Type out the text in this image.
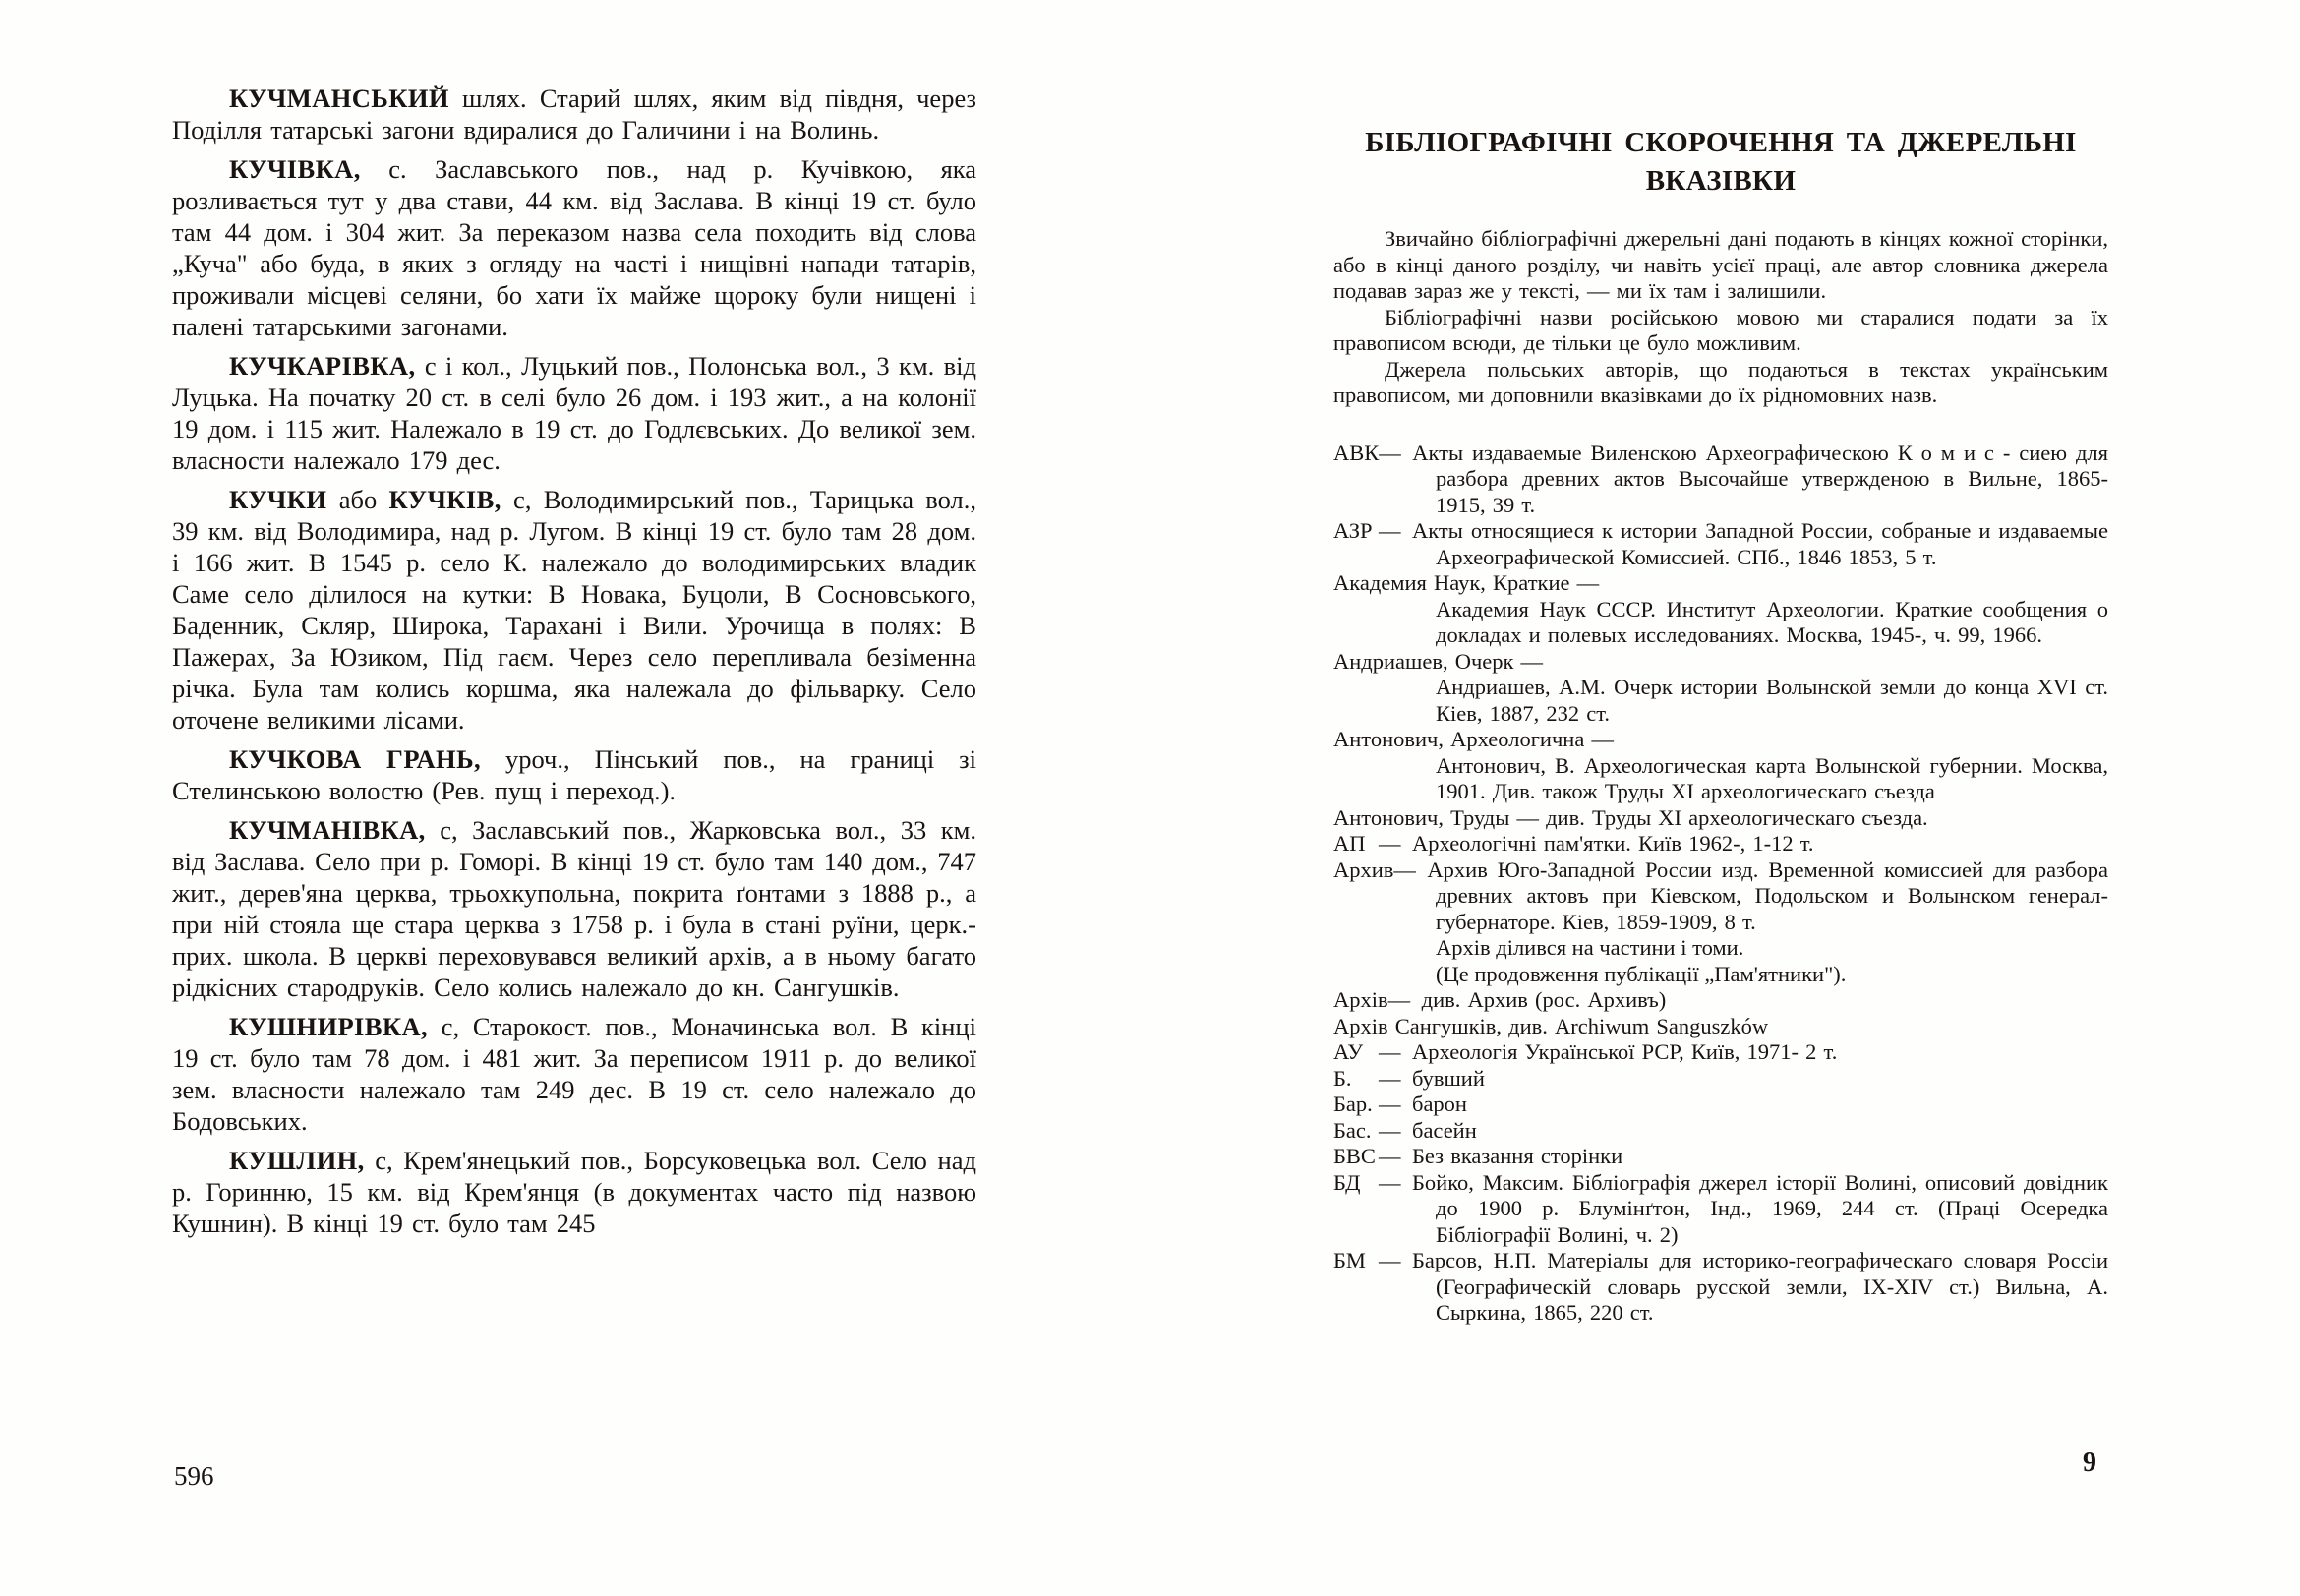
КУЧМАНСЬКИЙ шлях. Старий шлях, яким від півдня, через Поділля татарські загони вдиралися до Галичини і на Волинь.

КУЧІВКА, с. Заславського пов., над р. Кучівкою, яка розливається тут у два стави, 44 км. від Заслава. В кінці 19 ст. було там 44 дом. і 304 жит. За переказом назва села походить від слова „Куча" або буда, в яких з огляду на часті і нищівні напади татарів, проживали місцеві селяни, бо хати їх майже щороку були нищені і палені татарськими загонами.

КУЧКАРІВКА, с і кол., Луцький пов., Полонська вол., 3 км. від Луцька. На початку 20 ст. в селі було 26 дом. і 193 жит., а на колонії 19 дом. і 115 жит. Належало в 19 ст. до Годлєвських. До великої зем. власности належало 179 дес.

КУЧКИ або КУЧКІВ, с, Володимирський пов., Тарицька вол., 39 км. від Володимира, над р. Лугом. В кінці 19 ст. було там 28 дом. і 166 жит. В 1545 р. село К. належало до володимирських владик Саме село ділилося на кутки: В Новака, Буцоли, В Сосновського, Баденник, Скляр, Широка, Тарахані і Вили. Урочища в полях: В Пажерах, За Юзиком, Під гаєм. Через село перепливала безіменна річка. Була там колись коршма, яка належала до фільварку. Село оточене великими лісами.

КУЧКОВА ГРАНЬ, уроч., Пінський пов., на границі зі Стелинською волостю (Рев. пущ і переход.).

КУЧМАНІВКА, с, Заславський пов., Жарковська вол., 33 км. від Заслава. Село при р. Гоморі. В кінці 19 ст. було там 140 дом., 747 жит., дерев'яна церква, трьохкупольна, покрита ґонтами з 1888 р., а при ній стояла ще стара церква з 1758 р. і була в стані руїни, церк.-прих. школа. В церкві переховувався великий архів, а в ньому багато рідкісних стародруків. Село колись належало до кн. Сангушків.

КУШНИРІВКА, с, Старокост. пов., Моначинська вол. В кінці 19 ст. було там 78 дом. і 481 жит. За переписом 1911 р. до великої зем. власности належало там 249 дес. В 19 ст. село належало до Бодовських.

КУШЛИН, с, Крем'янецький пов., Борсуковецька вол. Село над р. Горинню, 15 км. від Крем'янця (в документах часто під назвою Кушнин). В кінці 19 ст. було там 245

596
БІБЛІОГРАФІЧНІ СКОРОЧЕННЯ ТА ДЖЕРЕЛЬНІ
ВКАЗІВКИ

Звичайно бібліографічні джерельні дані подають в кінцях кожної сторінки, або в кінці даного розділу, чи навіть усієї праці, але автор словника джерела подавав зараз же у тексті, — ми їх там і залишили.

Бібліографічні назви російською мовою ми старалися подати за їх правописом всюди, де тільки це було можливим.

Джерела польських авторів, що подаються в текстах українським правописом, ми доповнили вказівками до їх рідномовних назв.

АВК— Акты издаваемые Виленскою Археографическою К о м и с - сиею для разбора древних актов Высочайше утвержденою в Вильне, 1865-1915, 39 т.
АЗР — Акты относящиеся к истории Западной России, собраные и издаваемые Археографической Комиссией. СПб., 1846 1853, 5 т.
Академия Наук, Краткие —
Академия Наук СССР. Институт Археологии. Краткие сообщения о докладах и полевых исследованиях. Москва, 1945-, ч. 99, 1966.
Андриашев, Очерк —
Андриашев, А.М. Очерк истории Волынской земли до конца XVI ст. Кіев, 1887, 232 ст.
Антонович, Археологична —
Антонович, В. Археологическая карта Волынской губернии. Москва, 1901. Див. також Труды XI археологическаго съезда
Антонович, Труды — див. Труды XI археологическаго съезда.
АП — Археологічні пам'ятки. Київ 1962-, 1-12 т.
Архив— Архив Юго-Западной России изд. Временной комиссией для разбора древних актовъ при Кіевском, Подольском и Волынском генерал-губернаторе. Кіев, 1859-1909, 8 т.
Архів ділився на частини і томи.
(Це продовження публікації „Пам'ятники").
Архів— див. Архив (рос. Архивъ)
Архів Сангушків, див. Archiwum Sanguszków
АУ — Археологія Української РСР, Київ, 1971- 2 т.
Б. — бувший
Бар. — барон
Бас. — басейн
БВС — Без вказання сторінки
БД — Бойко, Максим. Бібліографія джерел історії Волині, описовий довідник до 1900 р. Блумінґтон, Інд., 1969, 244 ст. (Праці Осередка Бібліографії Волині, ч. 2)
БМ — Барсов, Н.П. Матеріалы для историко-географическаго словаря Россіи (Географическій словарь русской земли, IX-XIV ст.) Вильна, А. Сыркина, 1865, 220 ст.
9
